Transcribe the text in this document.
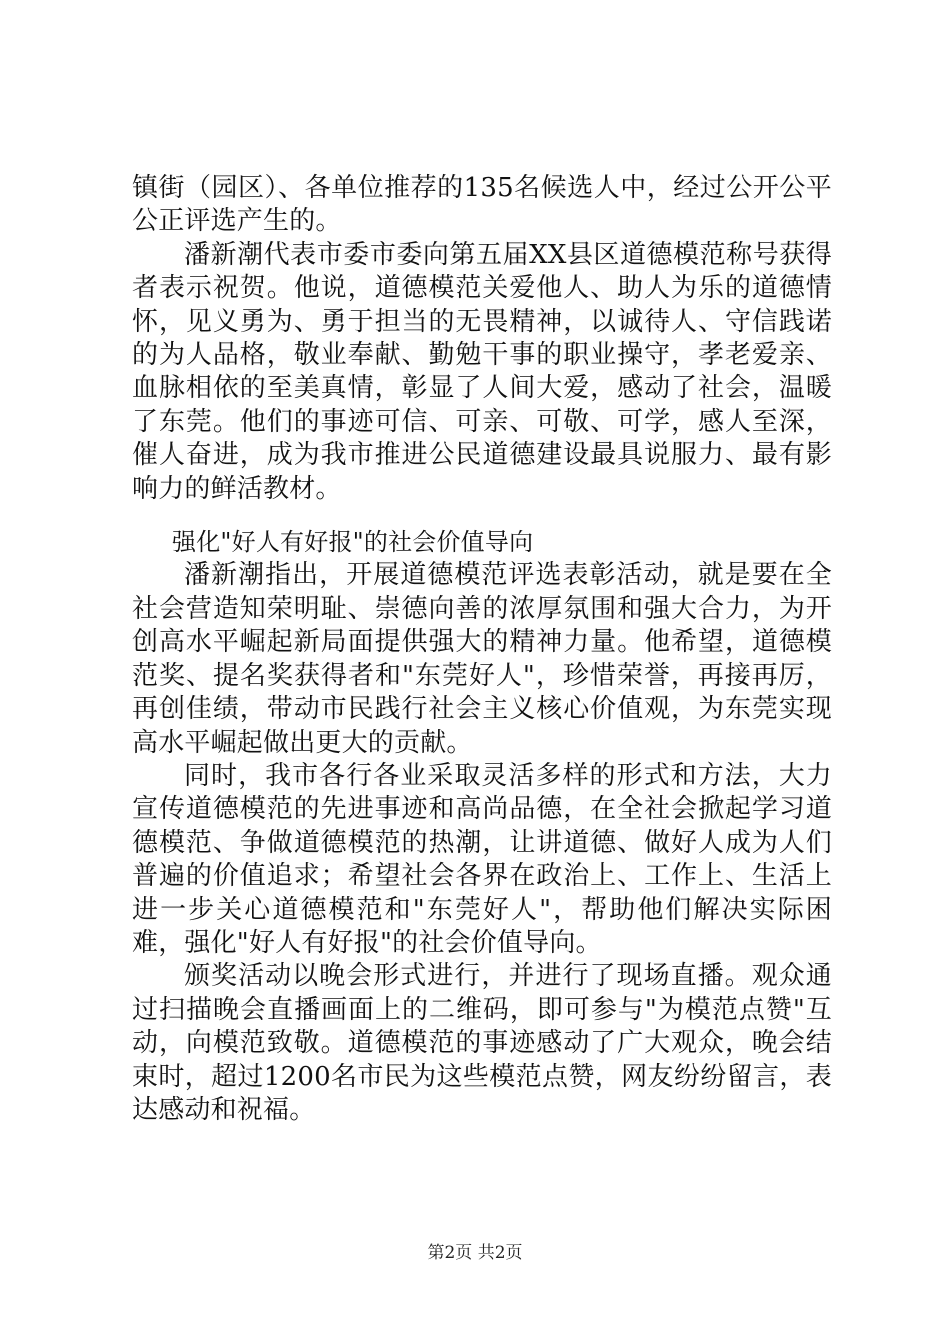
镇街（园区）、各单位推荐的135名候选人中，经过公开公平公正评选产生的。

潘新潮代表市委市委向第五届XX县区道德模范称号获得者表示祝贺。他说，道德模范关爱他人、助人为乐的道德情怀，见义勇为、勇于担当的无畏精神，以诚待人、守信践诺的为人品格，敬业奉献、勤勉干事的职业操守，孝老爱亲、血脉相依的至美真情，彰显了人间大爱，感动了社会，温暖了东莞。他们的事迹可信、可亲、可敬、可学，感人至深，催人奋进，成为我市推进公民道德建设最具说服力、最有影响力的鲜活教材。

强化"好人有好报"的社会价值导向

潘新潮指出，开展道德模范评选表彰活动，就是要在全社会营造知荣明耻、崇德向善的浓厚氛围和强大合力，为开创高水平崛起新局面提供强大的精神力量。他希望，道德模范奖、提名奖获得者和"东莞好人"，珍惜荣誉，再接再厉，再创佳绩，带动市民践行社会主义核心价值观，为东莞实现高水平崛起做出更大的贡献。

同时，我市各行各业采取灵活多样的形式和方法，大力宣传道德模范的先进事迹和高尚品德，在全社会掀起学习道德模范、争做道德模范的热潮，让讲道德、做好人成为人们普遍的价值追求；希望社会各界在政治上、工作上、生活上进一步关心道德模范和"东莞好人"，帮助他们解决实际困难，强化"好人有好报"的社会价值导向。

颁奖活动以晚会形式进行，并进行了现场直播。观众通过扫描晚会直播画面上的二维码，即可参与"为模范点赞"互动，向模范致敬。道德模范的事迹感动了广大观众，晚会结束时，超过1200名市民为这些模范点赞，网友纷纷留言，表达感动和祝福。

第2页 共2页
